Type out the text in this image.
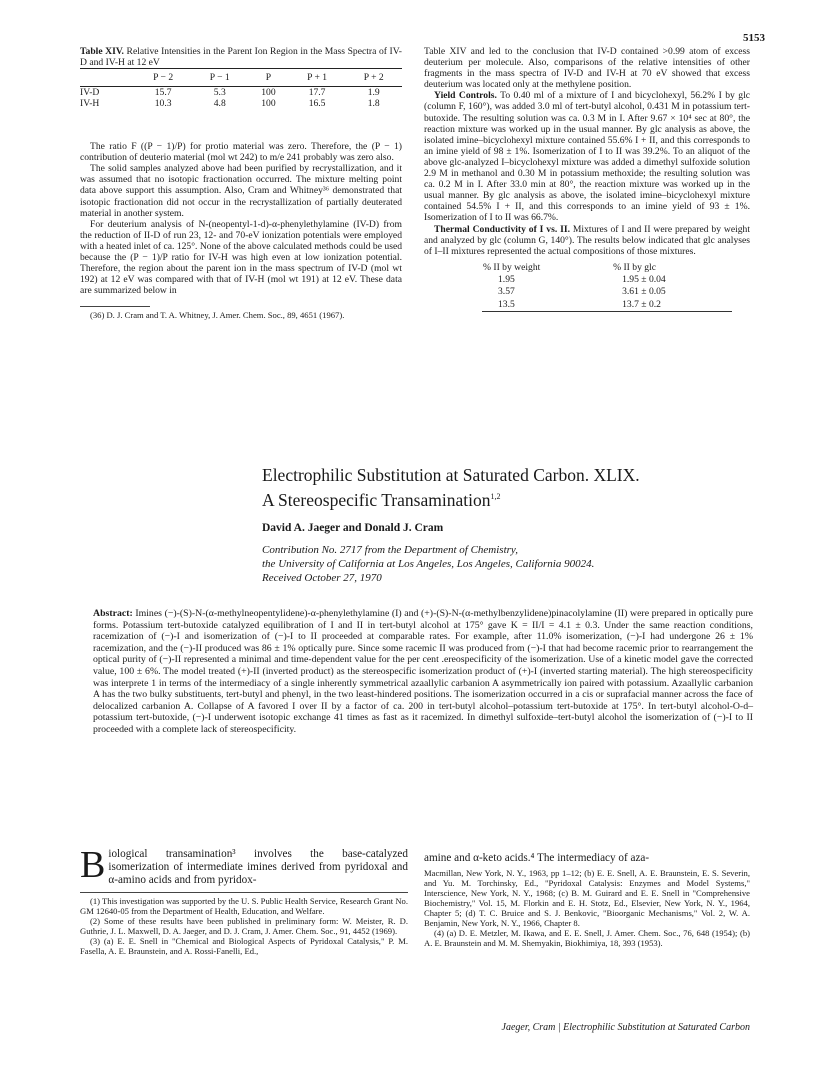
5153

Table XIV. Relative Intensities in the Parent Ion Region in the Mass Spectra of IV-D and IV-H at 12 eV

	P − 2	P − 1	P	P + 1	P + 2
IV-D	15.7	5.3	100	17.7	1.9
IV-H	10.3	4.8	100	16.5	1.8

The ratio F ((P − 1)/P) for protio material was zero. Therefore, the (P − 1) contribution of deuterio material (mol wt 242) to m/e 241 probably was zero also.

The solid samples analyzed above had been purified by recrystallization, and it was assumed that no isotopic fractionation occurred. The mixture melting point data above support this assumption. Also, Cram and Whitney³⁶ demonstrated that isotopic fractionation did not occur in the recrystallization of partially deuterated material in another system.

For deuterium analysis of N-(neopentyl-1-d)-α-phenylethylamine (IV-D) from the reduction of II-D of run 23, 12- and 70-eV ionization potentials were employed with a heated inlet of ca. 125°. None of the above calculated methods could be used because the (P − 1)/P ratio for IV-H was high even at low ionization potential. Therefore, the region about the parent ion in the mass spectrum of IV-D (mol wt 192) at 12 eV was compared with that of IV-H (mol wt 191) at 12 eV. These data are summarized below in

(36) D. J. Cram and T. A. Whitney, J. Amer. Chem. Soc., 89, 4651 (1967).

Table XIV and led to the conclusion that IV-D contained >0.99 atom of excess deuterium per molecule. Also, comparisons of the relative intensities of other fragments in the mass spectra of IV-D and IV-H at 70 eV showed that excess deuterium was located only at the methylene position.

Yield Controls. To 0.40 ml of a mixture of I and bicyclohexyl, 56.2% I by glc (column F, 160°), was added 3.0 ml of tert-butyl alcohol, 0.431 M in potassium tert-butoxide. The resulting solution was ca. 0.3 M in I. After 9.67 × 10⁴ sec at 80°, the reaction mixture was worked up in the usual manner. By glc analysis as above, the isolated imine–bicyclohexyl mixture contained 55.6% I + II, and this corresponds to an imine yield of 98 ± 1%. Isomerization of I to II was 39.2%. To an aliquot of the above glc-analyzed I–bicyclohexyl mixture was added a dimethyl sulfoxide solution 2.9 M in methanol and 0.30 M in potassium methoxide; the resulting solution was ca. 0.2 M in I. After 33.0 min at 80°, the reaction mixture was worked up in the usual manner. By glc analysis as above, the isolated imine–bicyclohexyl mixture contained 54.5% I + II, and this corresponds to an imine yield of 93 ± 1%. Isomerization of I to II was 66.7%.

Thermal Conductivity of I vs. II. Mixtures of I and II were prepared by weight and analyzed by glc (column G, 140°). The results below indicated that glc analyses of I–II mixtures represented the actual compositions of those mixtures.

% II by weight	% II by glc
1.95	1.95 ± 0.04
3.57	3.61 ± 0.05
13.5	13.7 ± 0.2
Electrophilic Substitution at Saturated Carbon. XLIX.
A Stereospecific Transamination$^{1,2}$
David A. Jaeger and Donald J. Cram
Contribution No. 2717 from the Department of Chemistry,
the University of California at Los Angeles, Los Angeles, California 90024.
Received October 27, 1970
Abstract: Imines (−)-(S)-N-(α-methylneopentylidene)-α-phenylethylamine (I) and (+)-(S)-N-(α-methylbenzylidene)pinacolylamine (II) were prepared in optically pure forms. Potassium tert-butoxide catalyzed equilibration of I and II in tert-butyl alcohol at 175° gave K = II/I = 4.1 ± 0.3. Under the same reaction conditions, racemization of (−)-I and isomerization of (−)-I to II proceeded at comparable rates. For example, after 11.0% isomerization, (−)-I had undergone 26 ± 1% racemization, and the (−)-II produced was 86 ± 1% optically pure. Since some racemic II was produced from (−)-I that had become racemic prior to rearrangement the optical purity of (−)-II represented a minimal and time-dependent value for the per cent .ereospecificity of the isomerization. Use of a kinetic model gave the corrected value, 100 ± 6%. The model treated (+)-II (inverted product) as the stereospecific isomerization product of (+)-I (inverted starting material). The high stereospecificity was interprete 1 in terms of the intermediacy of a single inherently symmetrical azaallylic carbanion A asymmetrically ion paired with potassium. Azaallylic carbanion A has the two bulky substituents, tert-butyl and phenyl, in the two least-hindered positions. The isomerization occurred in a cis or suprafacial manner across the face of delocalized carbanion A. Collapse of A favored I over II by a factor of ca. 200 in tert-butyl alcohol–potassium tert-butoxide at 175°. In tert-butyl alcohol-O-d–potassium tert-butoxide, (−)-I underwent isotopic exchange 41 times as fast as it racemized. In dimethyl sulfoxide–tert-butyl alcohol the isomerization of (−)-I to II proceeded with a complete lack of stereospecificity.
Biological transamination³ involves the base-catalyzed isomerization of intermediate imines derived from pyridoxal and α-amino acids and from pyridox-

(1) This investigation was supported by the U. S. Public Health Service, Research Grant No. GM 12640-05 from the Department of Health, Education, and Welfare.

(2) Some of these results have been published in preliminary form: W. Meister, R. D. Guthrie, J. L. Maxwell, D. A. Jaeger, and D. J. Cram, J. Amer. Chem. Soc., 91, 4452 (1969).

(3) (a) E. E. Snell in "Chemical and Biological Aspects of Pyridoxal Catalysis," P. M. Fasella, A. E. Braunstein, and A. Rossi-Fanelli, Ed.,

amine and α-keto acids.⁴ The intermediacy of aza-

Macmillan, New York, N. Y., 1963, pp 1–12; (b) E. E. Snell, A. E. Braunstein, E. S. Severin, and Yu. M. Torchinsky, Ed., "Pyridoxal Catalysis: Enzymes and Model Systems," Interscience, New York, N. Y., 1968; (c) B. M. Guirard and E. E. Snell in "Comprehensive Biochemistry," Vol. 15, M. Florkin and E. H. Stotz, Ed., Elsevier, New York, N. Y., 1964, Chapter 5; (d) T. C. Bruice and S. J. Benkovic, "Bioorganic Mechanisms," Vol. 2, W. A. Benjamin, New York, N. Y., 1966, Chapter 8.

(4) (a) D. E. Metzler, M. Ikawa, and E. E. Snell, J. Amer. Chem. Soc., 76, 648 (1954); (b) A. E. Braunstein and M. M. Shemyakin, Biokhimiya, 18, 393 (1953).

Jaeger, Cram | Electrophilic Substitution at Saturated Carbon
